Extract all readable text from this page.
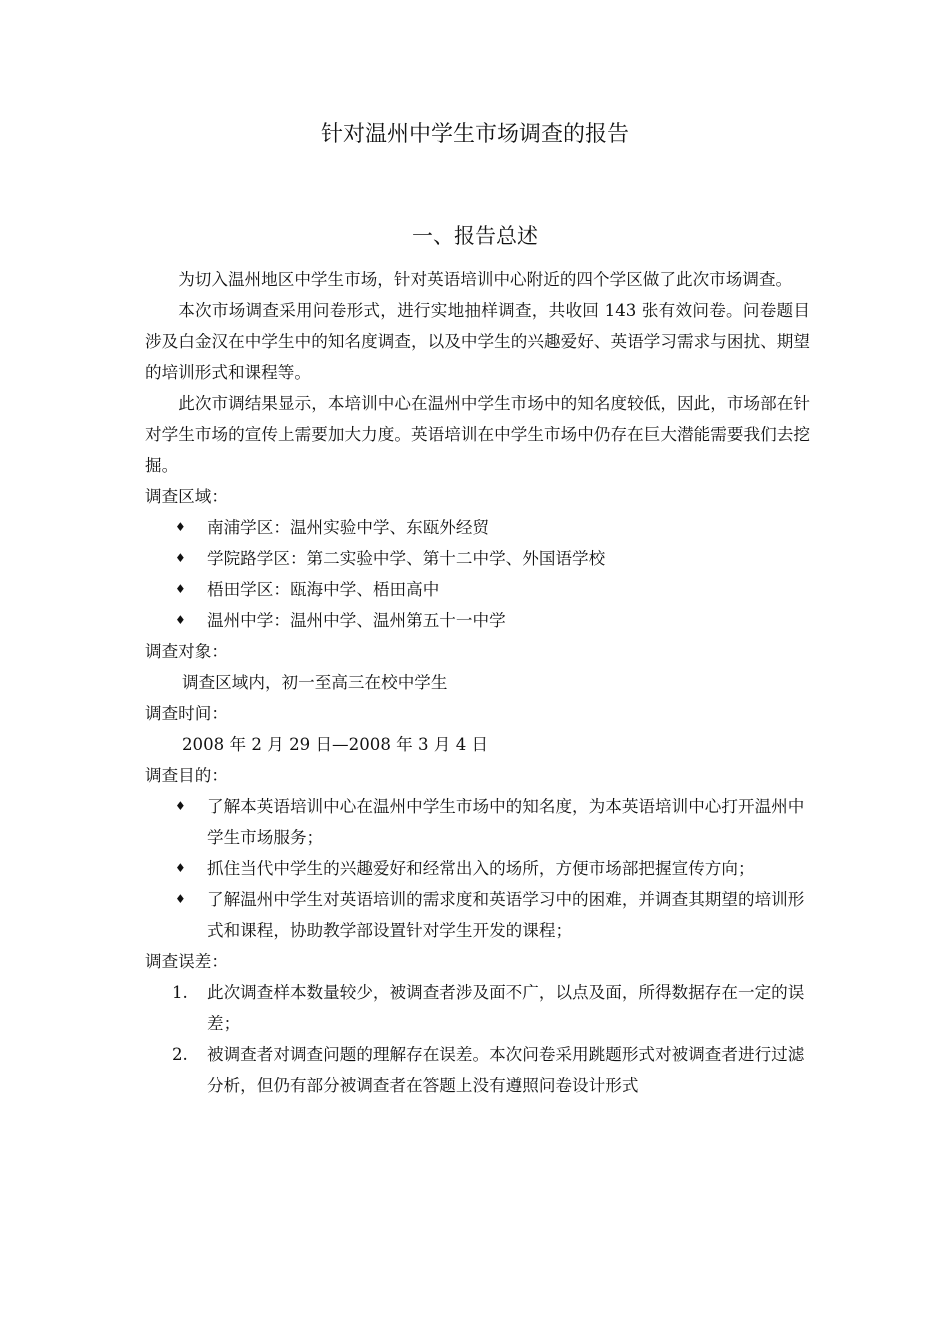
针对温州中学生市场调查的报告
一、报告总述

为切入温州地区中学生市场，针对英语培训中心附近的四个学区做了此次市场调查。

本次市场调查采用问卷形式，进行实地抽样调查，共收回 143 张有效问卷。问卷题目涉及白金汉在中学生中的知名度调查，以及中学生的兴趣爱好、英语学习需求与困扰、期望的培训形式和课程等。

此次市调结果显示，本培训中心在温州中学生市场中的知名度较低，因此，市场部在针对学生市场的宣传上需要加大力度。英语培训在中学生市场中仍存在巨大潜能需要我们去挖掘。

调查区域：

♦ 南浦学区：温州实验中学、东瓯外经贸
♦ 学院路学区：第二实验中学、第十二中学、外国语学校
♦ 梧田学区：瓯海中学、梧田高中
♦ 温州中学：温州中学、温州第五十一中学

调查对象：

调查区域内，初一至高三在校中学生

调查时间：

2008 年 2 月 29 日—2008 年 3 月 4 日

调查目的：

♦ 了解本英语培训中心在温州中学生市场中的知名度，为本英语培训中心打开温州中学生市场服务；
♦ 抓住当代中学生的兴趣爱好和经常出入的场所，方便市场部把握宣传方向；
♦ 了解温州中学生对英语培训的需求度和英语学习中的困难，并调查其期望的培训形式和课程，协助教学部设置针对学生开发的课程；

调查误差：

1. 此次调查样本数量较少，被调查者涉及面不广，以点及面，所得数据存在一定的误差；
2. 被调查者对调查问题的理解存在误差。本次问卷采用跳题形式对被调查者进行过滤分析，但仍有部分被调查者在答题上没有遵照问卷设计形式
